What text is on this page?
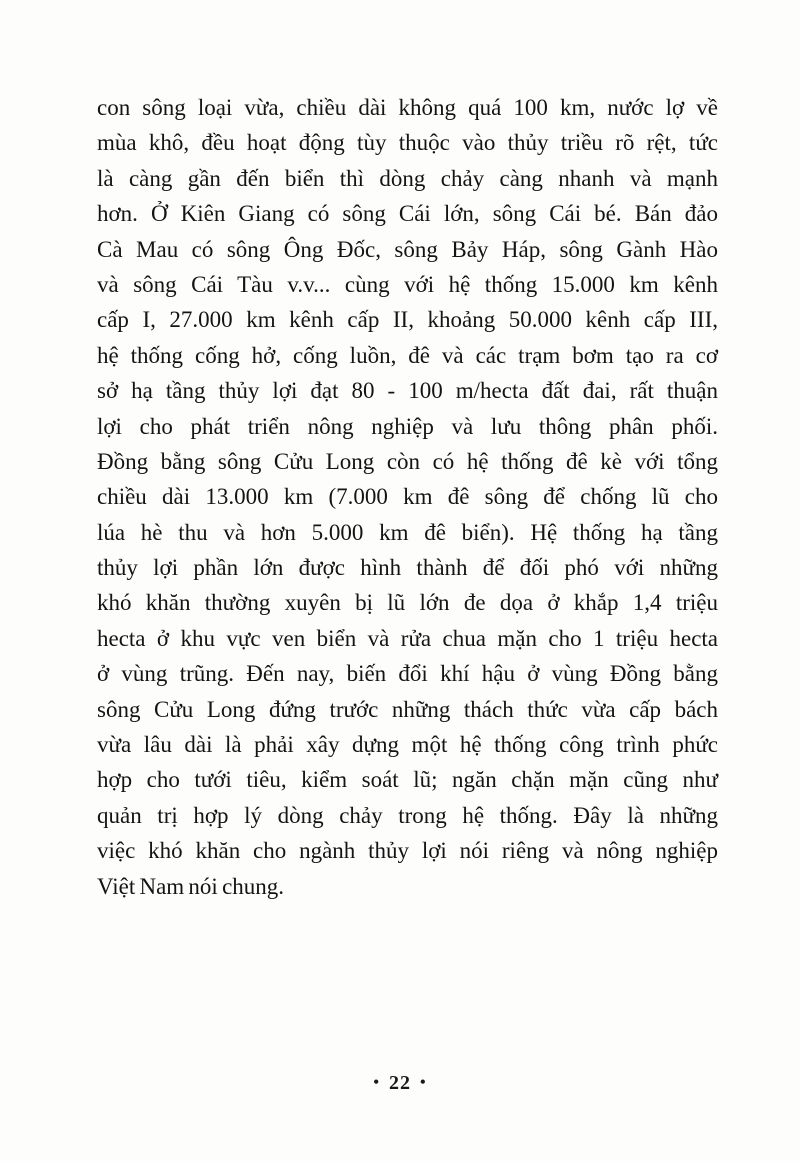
con sông loại vừa, chiều dài không quá 100 km, nước lợ về
mùa khô, đều hoạt động tùy thuộc vào thủy triều rõ rệt, tức
là càng gần đến biển thì dòng chảy càng nhanh và mạnh
hơn. Ở Kiên Giang có sông Cái lớn, sông Cái bé. Bán đảo
Cà Mau có sông Ông Đốc, sông Bảy Háp, sông Gành Hào
và sông Cái Tàu v.v... cùng với hệ thống 15.000 km kênh
cấp I, 27.000 km kênh cấp II, khoảng 50.000 kênh cấp III,
hệ thống cống hở, cống luồn, đê và các trạm bơm tạo ra cơ
sở hạ tầng thủy lợi đạt 80 - 100 m/hecta đất đai, rất thuận
lợi cho phát triển nông nghiệp và lưu thông phân phối.
Đồng bằng sông Cửu Long còn có hệ thống đê kè với tổng
chiều dài 13.000 km (7.000 km đê sông để chống lũ cho
lúa hè thu và hơn 5.000 km đê biển). Hệ thống hạ tầng
thủy lợi phần lớn được hình thành để đối phó với những
khó khăn thường xuyên bị lũ lớn đe dọa ở khắp 1,4 triệu
hecta ở khu vực ven biển và rửa chua mặn cho 1 triệu hecta
ở vùng trũng. Đến nay, biến đổi khí hậu ở vùng Đồng bằng
sông Cửu Long đứng trước những thách thức vừa cấp bách
vừa lâu dài là phải xây dựng một hệ thống công trình phức
hợp cho tưới tiêu, kiểm soát lũ; ngăn chặn mặn cũng như
quản trị hợp lý dòng chảy trong hệ thống. Đây là những
việc khó khăn cho ngành thủy lợi nói riêng và nông nghiệp
Việt Nam nói chung.
• 22 •
